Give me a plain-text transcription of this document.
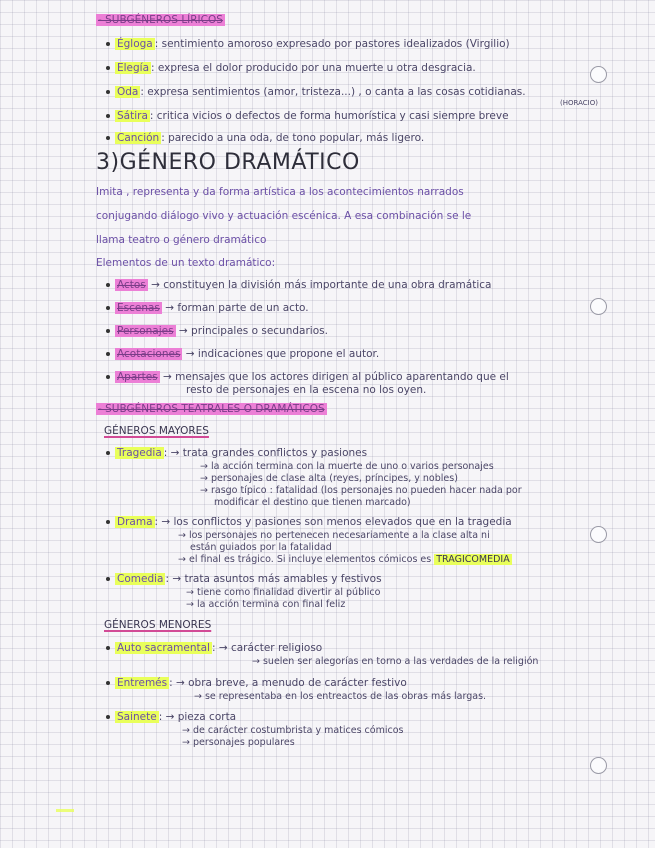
- SUBGÉNEROS LÍRICOS
Égloga : sentimiento amoroso expresado por pastores idealizados (Virgilio)
Elegía : expresa el dolor producido por una muerte u otra desgracia.
Oda : expresa sentimientos (amor, tristeza...) , o canta a las cosas cotidianas.
(HORACIO)
Sátira : critica vicios o defectos de forma humorística y casi siempre breve
Canción : parecido a una oda, de tono popular, más ligero.
3)GÉNERO DRAMÁTICO
Imita , representa y da forma artística a los acontecimientos narrados
conjugando diálogo vivo y actuación escénica. A esa combinación se le
llama teatro o género dramático
Elementos de un texto dramático:
Actos → constituyen la división más importante de una obra dramática
Escenas → forman parte de un acto.
Personajes → principales o secundarios.
Acotaciones → indicaciones que propone el autor.
Apartes → mensajes que los actores dirigen al público aparentando que el
resto de personajes en la escena no los oyen.
- SUBGÉNEROS TEATRALES O DRAMÁTICOS
GÉNEROS MAYORES
Tragedia : → trata grandes conflictos y pasiones
→ la acción termina con la muerte de uno o varios personajes
→ personajes de clase alta (reyes, príncipes, y nobles)
→ rasgo típico : fatalidad (los personajes no pueden hacer nada por
modificar el destino que tienen marcado)
Drama : → los conflictos y pasiones son menos elevados que en la tragedia
→ los personajes no pertenecen necesariamente a la clase alta ni
están guiados por la fatalidad
→ el final es trágico. Si incluye elementos cómicos es TRAGICOMEDIA
Comedia : → trata asuntos más amables y festivos
→ tiene como finalidad divertir al público
→ la acción termina con final feliz
GÉNEROS MENORES
Auto sacramental : → carácter religioso
→ suelen ser alegorías en torno a las verdades de la religión
Entremés : → obra breve, a menudo de carácter festivo
→ se representaba en los entreactos de las obras más largas.
Sainete : → pieza corta
→ de carácter costumbrista y matices cómicos
→ personajes populares
